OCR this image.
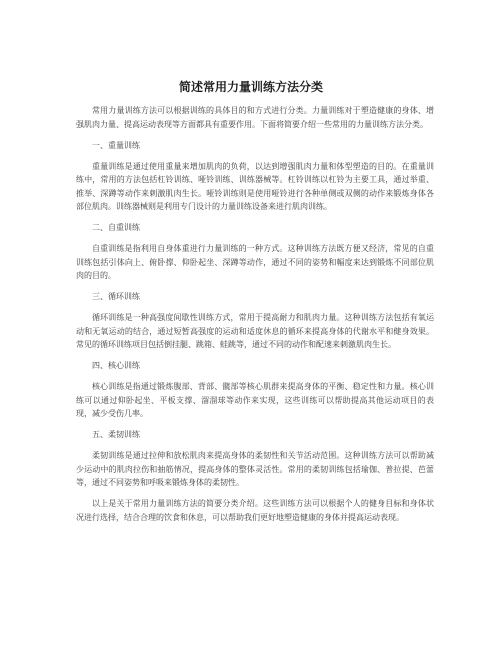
简述常用力量训练方法分类

常用力量训练方法可以根据训练的具体目的和方式进行分类。力量训练对于塑造健康的身体、增强肌肉力量、提高运动表现等方面都具有重要作用。下面将简要介绍一些常用的力量训练方法分类。

一、重量训练

重量训练是通过使用重量来增加肌肉的负荷，以达到增强肌肉力量和体型塑造的目的。在重量训练中，常用的方法包括杠铃训练、哑铃训练、训练器械等。杠铃训练以杠铃为主要工具，通过举重、推举、深蹲等动作来刺激肌肉生长。哑铃训练则是使用哑铃进行各种单侧或双侧的动作来锻炼身体各部位肌肉。训练器械则是利用专门设计的力量训练设备来进行肌肉训练。

二、自重训练

自重训练是指利用自身体重进行力量训练的一种方式。这种训练方法既方便又经济，常见的自重训练包括引体向上、俯卧撑、仰卧起坐、深蹲等动作，通过不同的姿势和幅度来达到锻炼不同部位肌肉的目的。

三、循环训练

循环训练是一种高强度间歇性训练方式，常用于提高耐力和肌肉力量。这种训练方法包括有氧运动和无氧运动的结合，通过短暂高强度的运动和适度休息的循环来提高身体的代谢水平和健身效果。常见的循环训练项目包括倒挂腿、跳箱、蛙跳等，通过不同的动作和配速来刺激肌肉生长。

四、核心训练

核心训练是指通过锻炼腹部、背部、髋部等核心肌群来提高身体的平衡、稳定性和力量。核心训练可以通过仰卧起坐、平板支撑、溜溜球等动作来实现，这些训练可以帮助提高其他运动项目的表现，减少受伤几率。

五、柔韧训练

柔韧训练是通过拉伸和放松肌肉来提高身体的柔韧性和关节活动范围。这种训练方法可以帮助减少运动中的肌肉拉伤和抽筋情况，提高身体的整体灵活性。常用的柔韧训练包括瑜伽、普拉提、芭蕾等，通过不同姿势和呼吸来锻炼身体的柔韧性。

以上是关于常用力量训练方法的简要分类介绍。这些训练方法可以根据个人的健身目标和身体状况进行选择，结合合理的饮食和休息，可以帮助我们更好地塑造健康的身体并提高运动表现。
